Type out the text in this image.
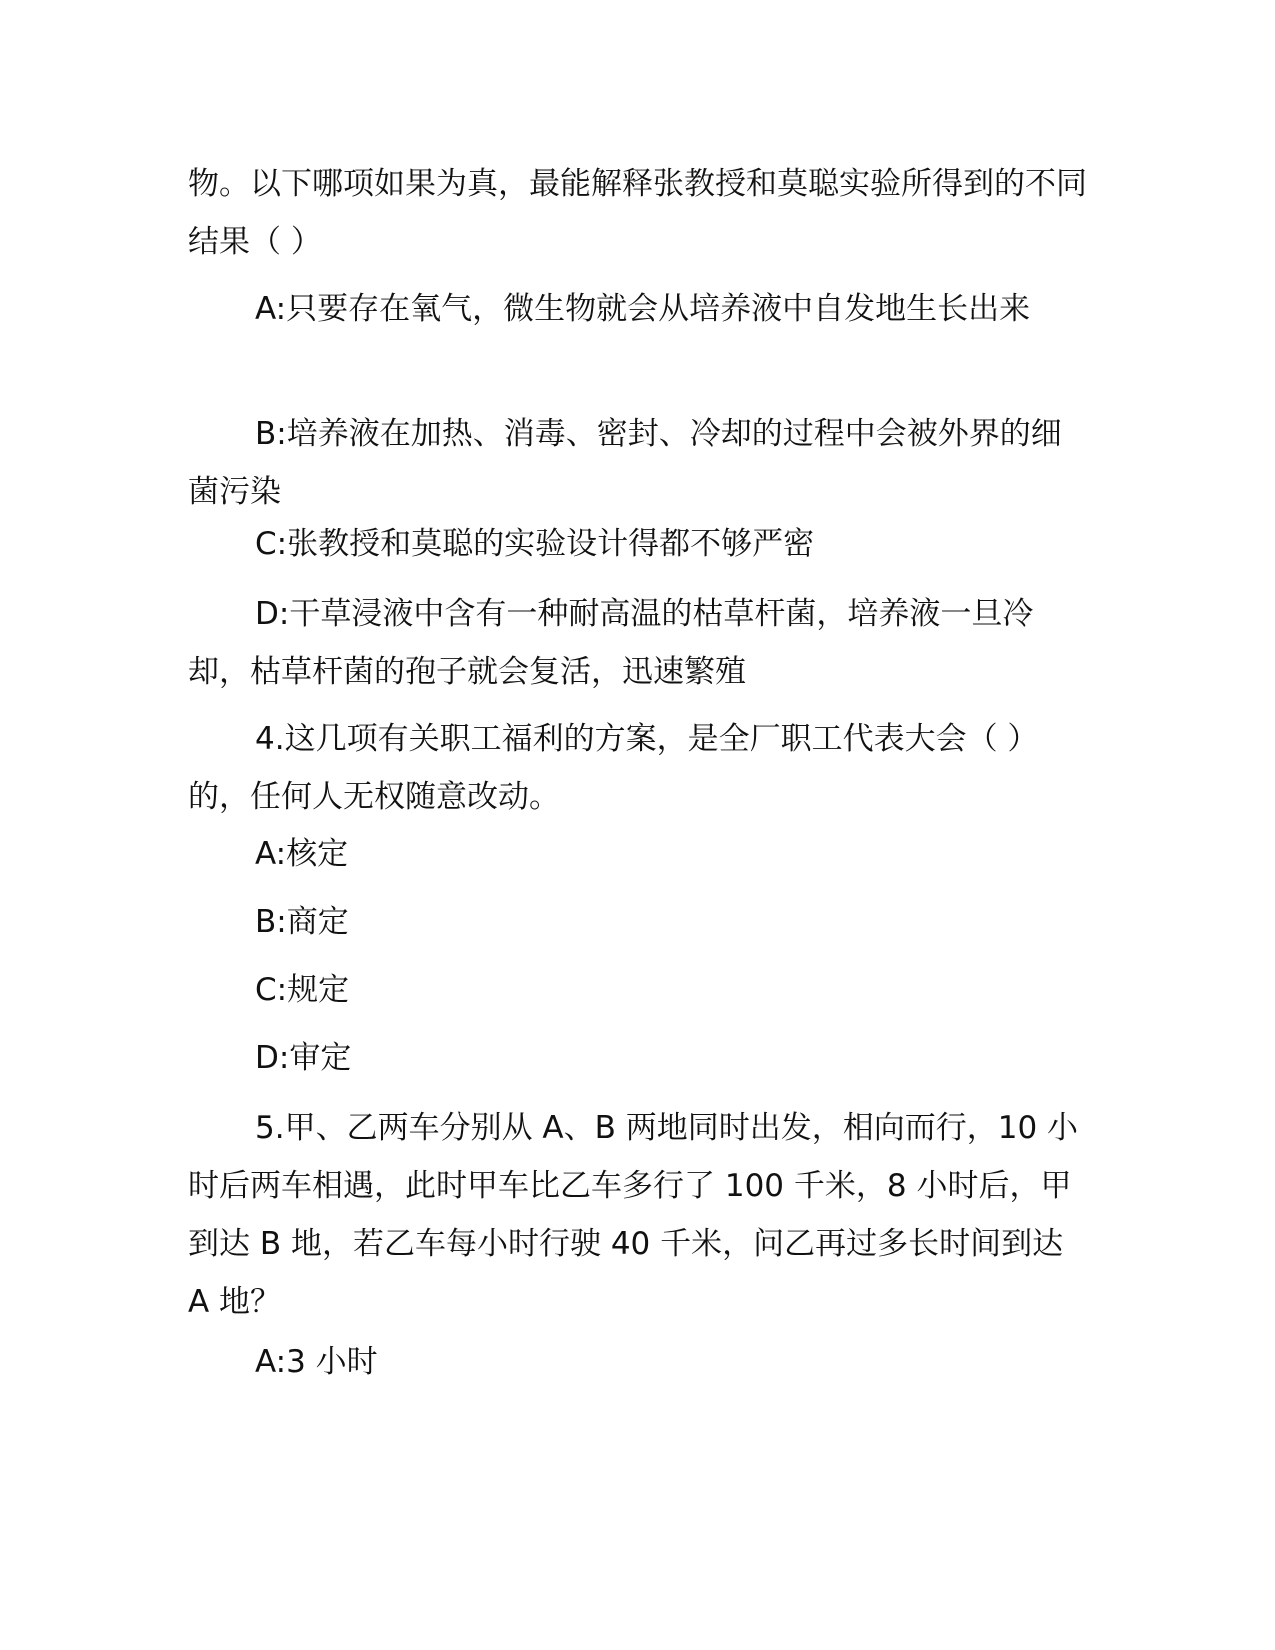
物。以下哪项如果为真，最能解释张教授和莫聪实验所得到的不同结果（ ）

A:只要存在氧气，微生物就会从培养液中自发地生长出来

B:培养液在加热、消毒、密封、冷却的过程中会被外界的细菌污染

C:张教授和莫聪的实验设计得都不够严密

D:干草浸液中含有一种耐高温的枯草杆菌，培养液一旦冷却，枯草杆菌的孢子就会复活，迅速繁殖

4.这几项有关职工福利的方案，是全厂职工代表大会（ ）的，任何人无权随意改动。

A:核定

B:商定

C:规定

D:审定

5.甲、乙两车分别从 A、B 两地同时出发，相向而行，10 小时后两车相遇，此时甲车比乙车多行了 100 千米，8 小时后，甲到达 B 地，若乙车每小时行驶 40 千米，问乙再过多长时间到达 A 地？

A:3 小时
